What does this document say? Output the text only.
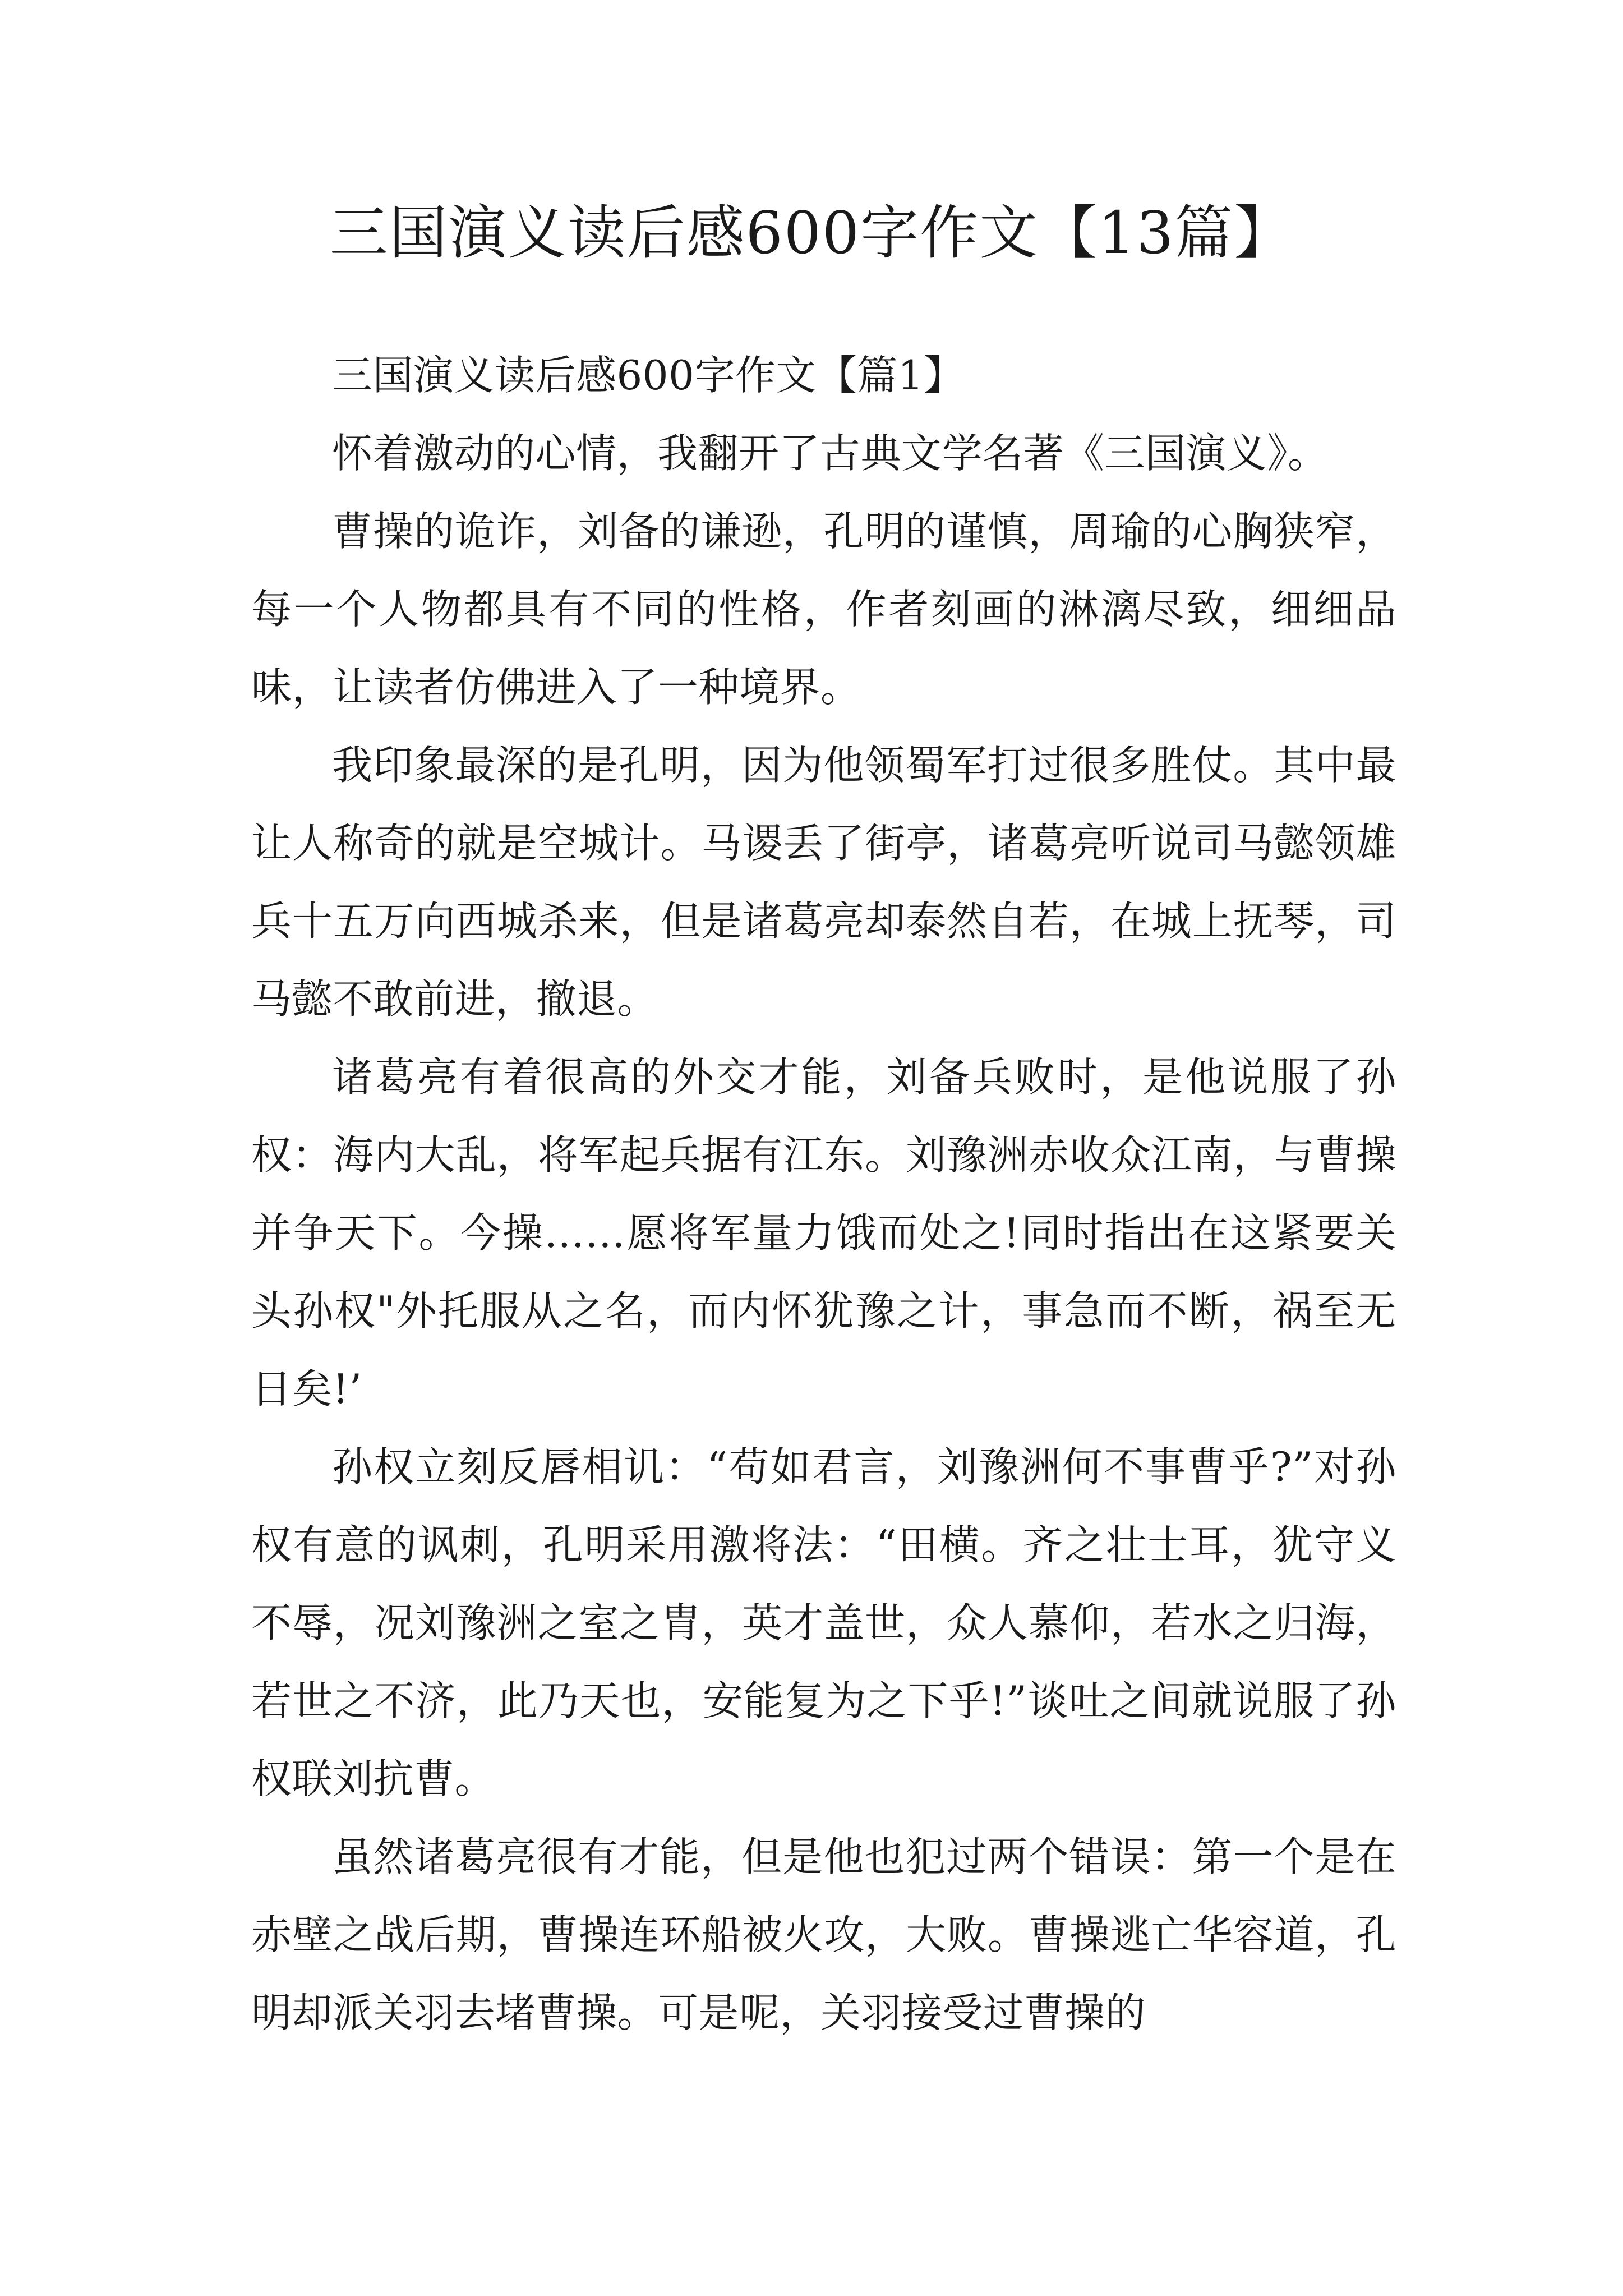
三国演义读后感600字作文【13篇】

三国演义读后感600字作文【篇1】

怀着激动的心情，我翻开了古典文学名著《三国演义》。

曹操的诡诈，刘备的谦逊，孔明的谨慎，周瑜的心胸狭窄，每一个人物都具有不同的性格，作者刻画的淋漓尽致，细细品味，让读者仿佛进入了一种境界。

我印象最深的是孔明，因为他领蜀军打过很多胜仗。其中最让人称奇的就是空城计。马谡丢了街亭，诸葛亮听说司马懿领雄兵十五万向西城杀来，但是诸葛亮却泰然自若，在城上抚琴，司马懿不敢前进，撤退。

诸葛亮有着很高的外交才能，刘备兵败时，是他说服了孙权：海内大乱，将军起兵据有江东。刘豫洲赤收众江南，与曹操并争天下。今操……愿将军量力饿而处之!同时指出在这紧要关头孙权"外托服从之名，而内怀犹豫之计，事急而不断，祸至无日矣!’

孙权立刻反唇相讥：“苟如君言，刘豫洲何不事曹乎?”对孙权有意的讽刺，孔明采用激将法：“田横。齐之壮士耳，犹守义不辱，况刘豫洲之室之胄，英才盖世，众人慕仰，若水之归海，若世之不济，此乃天也，安能复为之下乎!”谈吐之间就说服了孙权联刘抗曹。

虽然诸葛亮很有才能，但是他也犯过两个错误：第一个是在赤壁之战后期，曹操连环船被火攻，大败。曹操逃亡华容道，孔明却派关羽去堵曹操。可是呢，关羽接受过曹操的
